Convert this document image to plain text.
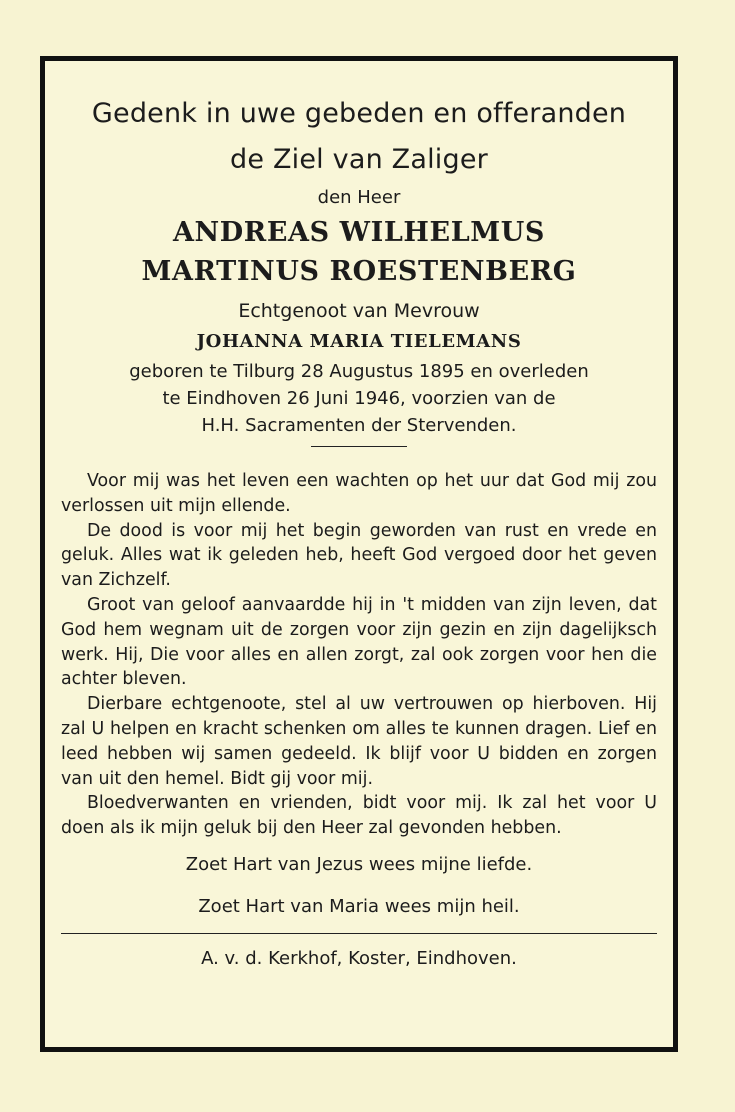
Gedenk in uwe gebeden en offeranden
de Ziel van Zaliger
den Heer
ANDREAS WILHELMUS
MARTINUS ROESTENBERG
Echtgenoot van Mevrouw
JOHANNA MARIA TIELEMANS
geboren te Tilburg 28 Augustus 1895 en overleden
te Eindhoven 26 Juni 1946, voorzien van de
H.H. Sacramenten der Stervenden.

Voor mij was het leven een wachten op het uur dat God mij zou verlossen uit mijn ellende.

De dood is voor mij het begin geworden van rust en vrede en geluk. Alles wat ik geleden heb, heeft God vergoed door het geven van Zichzelf.

Groot van geloof aanvaardde hij in 't midden van zijn leven, dat God hem wegnam uit de zorgen voor zijn gezin en zijn dagelijksch werk. Hij, Die voor alles en allen zorgt, zal ook zorgen voor hen die achter bleven.

Dierbare echtgenoote, stel al uw vertrouwen op hierboven. Hij zal U helpen en kracht schenken om alles te kunnen dragen. Lief en leed hebben wij samen gedeeld. Ik blijf voor U bidden en zorgen van uit den hemel. Bidt gij voor mij.

Bloedverwanten en vrienden, bidt voor mij. Ik zal het voor U doen als ik mijn geluk bij den Heer zal gevonden hebben.

Zoet Hart van Jezus wees mijne liefde.
Zoet Hart van Maria wees mijn heil.
A. v. d. Kerkhof, Koster, Eindhoven.
